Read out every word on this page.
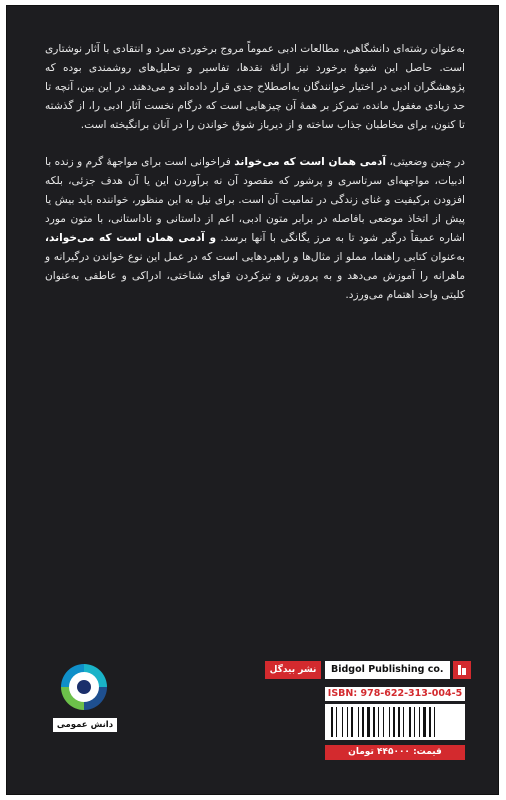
به‌عنوان رشته‌ای دانشگاهی، مطالعات ادبی عموماً مروج برخوردی سرد و انتقادی با آثار نوشتاری است. حاصل این شیوهٔ برخورد نیز ارائهٔ نقدها، تفاسیر و تحلیل‌های روشمندی بوده که پژوهشگران ادبی در اختیار خوانندگان به‌اصطلاح جدی قرار داده‌اند و می‌دهند. در این بین، آنچه تا حد زیادی مغفول مانده، تمرکز بر همهٔ آن چیزهایی است که درگام نخست آثار ادبی را، از گذشته تا کنون، برای مخاطبان جذاب ساخته و از دیرباز شوق خواندن را در آنان برانگیخته است.

در چنین وضعیتی، آدمی همان است که می‌خواند فراخوانی است برای مواجههٔ گرم و زنده با ادبیات، مواجهه‌ای سرتاسری و پرشور که مقصود آن نه برآوردن این یا آن هدف جزئی، بلکه افزودن برکیفیت و غنای زندگی در تمامیت آن است. برای نیل به این منظور، خواننده باید بیش یا پیش از اتخاذ موضعی بافاصله در برابر متون ادبی، اعم از داستانی و ناداستانی، با متون مورد اشاره عمیقاً درگیر شود تا به مرز یگانگی با آنها برسد. و آدمی همان است که می‌خواند، به‌عنوان کتابی راهنما، مملو از مثال‌ها و راهبردهایی است که در عمل این نوع خواندن درگیرانه و ماهرانه را آموزش می‌دهد و به پرورش و تیزکردن قوای شناختی، ادراکی و عاطفی به‌عنوان کلیتی واحد اهتمام می‌ورزد.

دانش عمومی
نشر بیدگل	Bidgol Publishing co.
ISBN: 978-622-313-004-5
قیمت: ۴۴۵۰۰۰ تومان
